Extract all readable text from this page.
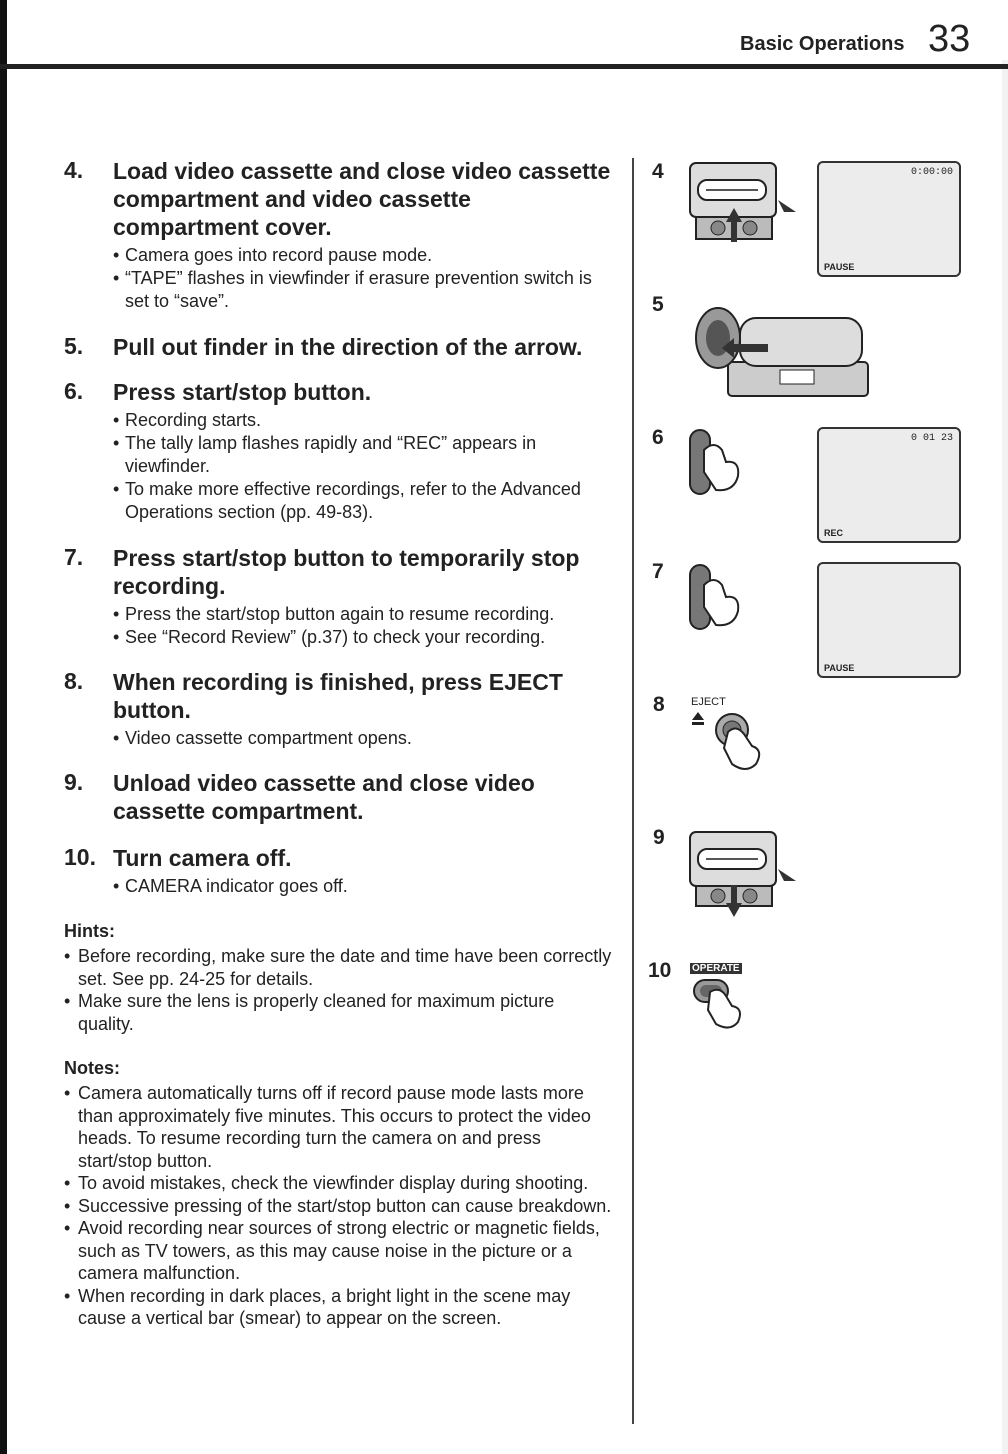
Basic Operations 33
4. Load video cassette and close video cassette compartment and video cassette compartment cover.
• Camera goes into record pause mode.
• “TAPE” flashes in viewfinder if erasure prevention switch is set to “save”.
5. Pull out finder in the direction of the arrow.
6. Press start/stop button.
• Recording starts.
• The tally lamp flashes rapidly and “REC” appears in viewfinder.
• To make more effective recordings, refer to the Advanced Operations section (pp. 49-83).
7. Press start/stop button to temporarily stop recording.
• Press the start/stop button again to resume recording.
• See “Record Review” (p.37) to check your recording.
8. When recording is finished, press EJECT button.
• Video cassette compartment opens.
9. Unload video cassette and close video cassette compartment.
10. Turn camera off.
• CAMERA indicator goes off.
Hints:
• Before recording, make sure the date and time have been correctly set. See pp. 24-25 for details.
• Make sure the lens is properly cleaned for maximum picture quality.
Notes:
• Camera automatically turns off if record pause mode lasts more than approximately five minutes. This occurs to protect the video heads. To resume recording turn the camera on and press start/stop button.
• To avoid mistakes, check the viewfinder display during shooting.
• Successive pressing of the start/stop button can cause breakdown.
• Avoid recording near sources of strong electric or magnetic fields, such as TV towers, as this may cause noise in the picture or a camera malfunction.
• When recording in dark places, a bright light in the scene may cause a vertical bar (smear) to appear on the screen.
4
5
6
7
8
9
10
0:00:00
PAUSE
0 01 23
REC
PAUSE
EJECT
OPERATE
